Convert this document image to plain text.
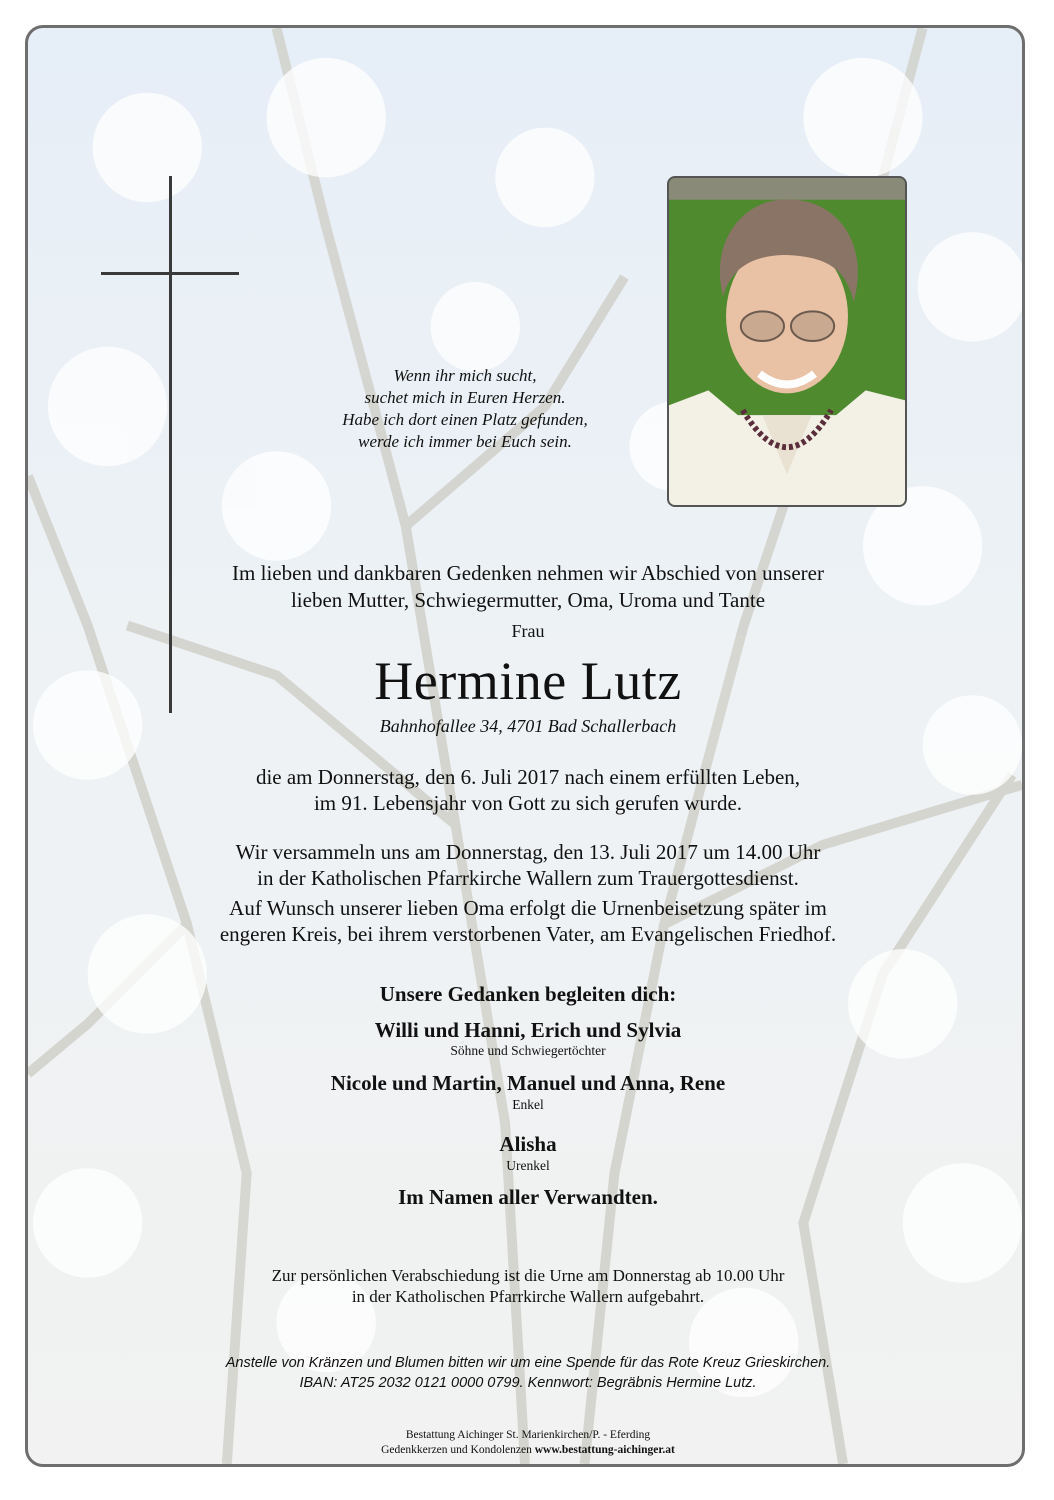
Wenn ihr mich sucht,
suchet mich in Euren Herzen.
Habe ich dort einen Platz gefunden,
werde ich immer bei Euch sein.
Im lieben und dankbaren Gedenken nehmen wir Abschied von unserer
lieben Mutter, Schwiegermutter, Oma, Uroma und Tante
Frau
Hermine Lutz
Bahnhofallee 34, 4701 Bad Schallerbach
die am Donnerstag, den 6. Juli 2017 nach einem erfüllten Leben,
im 91. Lebensjahr von Gott zu sich gerufen wurde.
Wir versammeln uns am Donnerstag, den 13. Juli 2017 um 14.00 Uhr
in der Katholischen Pfarrkirche Wallern zum Trauergottesdienst.
Auf Wunsch unserer lieben Oma erfolgt die Urnenbeisetzung später im
engeren Kreis, bei ihrem verstorbenen Vater, am Evangelischen Friedhof.
Unsere Gedanken begleiten dich:
Willi und Hanni, Erich und Sylvia
Söhne und Schwiegertöchter
Nicole und Martin, Manuel und Anna, Rene
Enkel
Alisha
Urenkel
Im Namen aller Verwandten.
Zur persönlichen Verabschiedung ist die Urne am Donnerstag ab 10.00 Uhr
in der Katholischen Pfarrkirche Wallern aufgebahrt.
Anstelle von Kränzen und Blumen bitten wir um eine Spende für das Rote Kreuz Grieskirchen.
IBAN: AT25 2032 0121 0000 0799. Kennwort: Begräbnis Hermine Lutz.
Bestattung Aichinger St. Marienkirchen/P. - Eferding
Gedenkkerzen und Kondolenzen www.bestattung-aichinger.at
